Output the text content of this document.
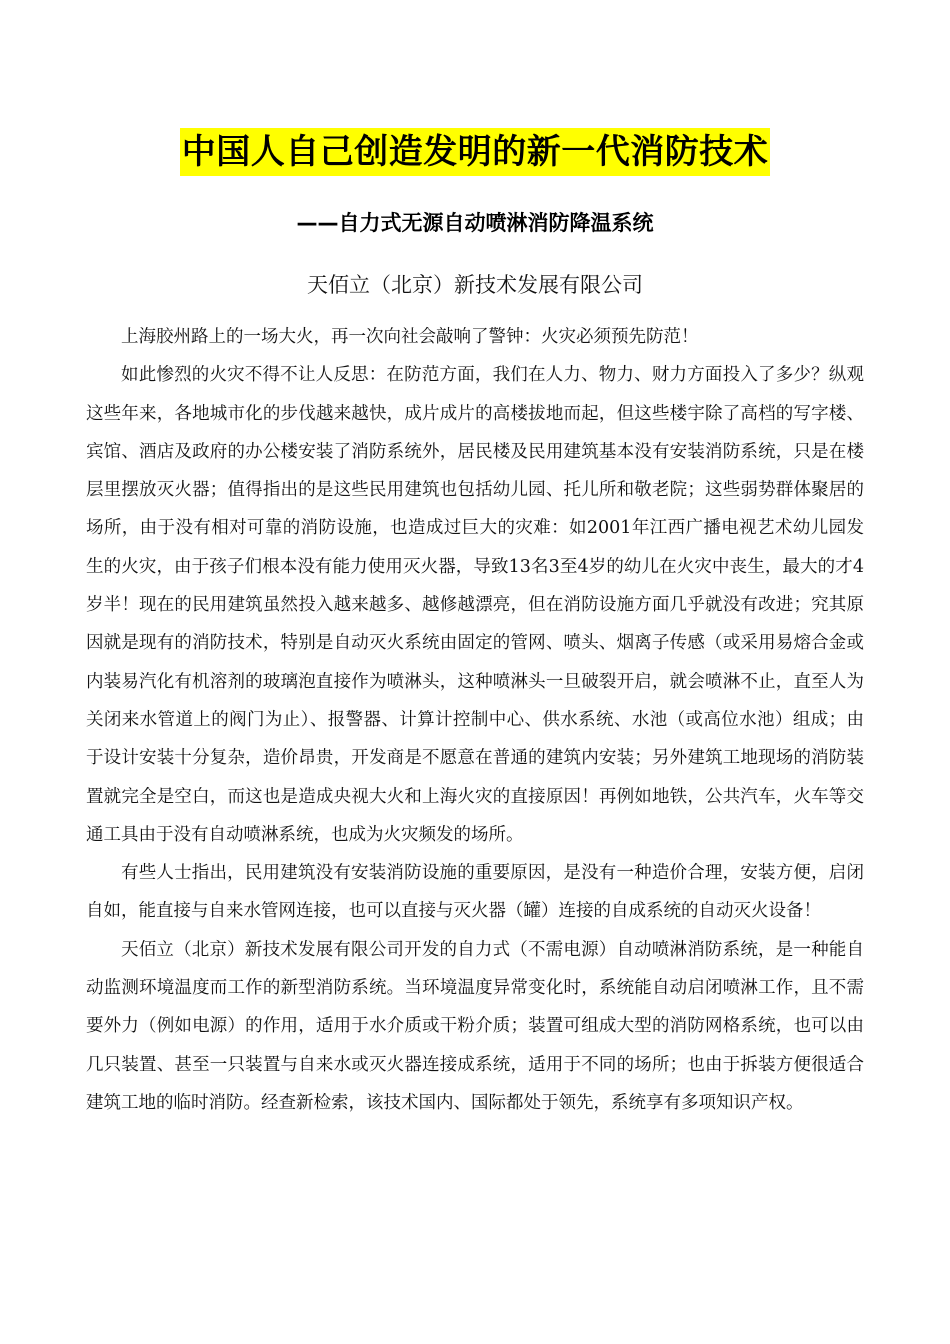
中国人自己创造发明的新一代消防技术
——自力式无源自动喷淋消防降温系统
天佰立（北京）新技术发展有限公司

上海胶州路上的一场大火，再一次向社会敲响了警钟：火灾必须预先防范！

如此惨烈的火灾不得不让人反思：在防范方面，我们在人力、物力、财力方面投入了多少？纵观这些年来，各地城市化的步伐越来越快，成片成片的高楼拔地而起，但这些楼宇除了高档的写字楼、宾馆、酒店及政府的办公楼安装了消防系统外，居民楼及民用建筑基本没有安装消防系统，只是在楼层里摆放灭火器；值得指出的是这些民用建筑也包括幼儿园、托儿所和敬老院；这些弱势群体聚居的场所，由于没有相对可靠的消防设施，也造成过巨大的灾难：如2001年江西广播电视艺术幼儿园发生的火灾，由于孩子们根本没有能力使用灭火器，导致13名3至4岁的幼儿在火灾中丧生，最大的才4岁半！现在的民用建筑虽然投入越来越多、越修越漂亮，但在消防设施方面几乎就没有改进；究其原因就是现有的消防技术，特别是自动灭火系统由固定的管网、喷头、烟离子传感（或采用易熔合金或内装易汽化有机溶剂的玻璃泡直接作为喷淋头，这种喷淋头一旦破裂开启，就会喷淋不止，直至人为关闭来水管道上的阀门为止）、报警器、计算计控制中心、供水系统、水池（或高位水池）组成；由于设计安装十分复杂，造价昂贵，开发商是不愿意在普通的建筑内安装；另外建筑工地现场的消防装置就完全是空白，而这也是造成央视大火和上海火灾的直接原因！再例如地铁，公共汽车，火车等交通工具由于没有自动喷淋系统，也成为火灾频发的场所。

有些人士指出，民用建筑没有安装消防设施的重要原因，是没有一种造价合理，安装方便，启闭自如，能直接与自来水管网连接，也可以直接与灭火器（罐）连接的自成系统的自动灭火设备！

天佰立（北京）新技术发展有限公司开发的自力式（不需电源）自动喷淋消防系统，是一种能自动监测环境温度而工作的新型消防系统。当环境温度异常变化时，系统能自动启闭喷淋工作，且不需要外力（例如电源）的作用，适用于水介质或干粉介质；装置可组成大型的消防网格系统，也可以由几只装置、甚至一只装置与自来水或灭火器连接成系统，适用于不同的场所；也由于拆装方便很适合建筑工地的临时消防。经查新检索，该技术国内、国际都处于领先，系统享有多项知识产权。
